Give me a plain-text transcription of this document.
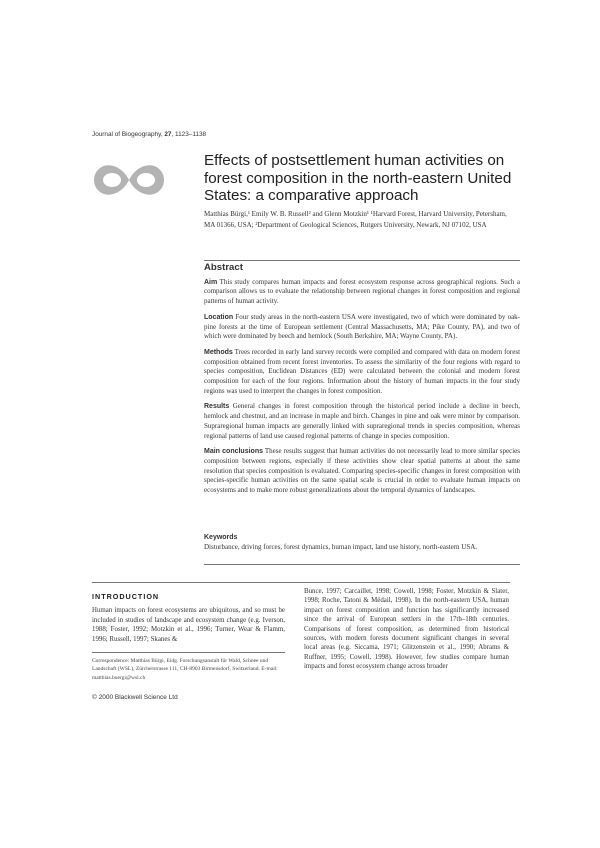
Journal of Biogeography, 27, 1123–1138
Effects of postsettlement human activities on forest composition in the north-eastern United States: a comparative approach
Matthias Bürgi,¹ Emily W. B. Russell² and Glenn Motzkin¹ ¹Harvard Forest, Harvard University, Petersham, MA 01366, USA; ²Department of Geological Sciences, Rutgers University, Newark, NJ 07102, USA
Abstract

Aim This study compares human impacts and forest ecosystem response across geographical regions. Such a comparison allows us to evaluate the relationship between regional changes in forest composition and regional patterns of human activity.

Location Four study areas in the north-eastern USA were investigated, two of which were dominated by oak-pine forests at the time of European settlement (Central Massachusetts, MA; Pike County, PA), and two of which were dominated by beech and hemlock (South Berkshire, MA; Wayne County, PA).

Methods Trees recorded in early land survey records were compiled and compared with data on modern forest composition obtained from recent forest inventories. To assess the similarity of the four regions with regard to species composition, Euclidean Distances (ED) were calculated between the colonial and modern forest composition for each of the four regions. Information about the history of human impacts in the four study regions was used to interpret the changes in forest composition.

Results General changes in forest composition through the historical period include a decline in beech, hemlock and chestnut, and an increase in maple and birch. Changes in pine and oak were minor by comparison. Supraregional human impacts are generally linked with supraregional trends in species composition, whereas regional patterns of land use caused regional patterns of change in species composition.

Main conclusions These results suggest that human activities do not necessarily lead to more similar species composition between regions, especially if these activities show clear spatial patterns at about the same resolution that species composition is evaluated. Comparing species-specific changes in forest composition with species-specific human activities on the same spatial scale is crucial in order to evaluate human impacts on ecosystems and to make more robust generalizations about the temporal dynamics of landscapes.

Keywords
Disturbance, driving forces, forest dynamics, human impact, land use history, north-eastern USA.
INTRODUCTION
Human impacts on forest ecosystems are ubiquitous, and so must be included in studies of landscape and ecosystem change (e.g. Iverson, 1988; Foster, 1992; Motzkin et al., 1996; Turner, Wear & Flamm, 1996; Russell, 1997; Skanes &
Correspondence: Matthias Bürgi, Eidg. Forschungsanstalt für Wald, Schnee und Landschaft (WSL), Zürcherstrasse 111, CH-8903 Birmensdorf, Switzerland. E-mail: matthias.buergi@wsl.ch
© 2000 Blackwell Science Ltd
Bunce, 1997; Carcaillet, 1998; Cowell, 1998; Foster, Motzkin & Slater, 1998; Roche, Tatoni & Médail, 1998). In the north-eastern USA, human impact on forest composition and function has significantly increased since the arrival of European settlers in the 17th–18th centuries. Comparisons of forest composition, as determined from historical sources, with modern forests document significant changes in several local areas (e.g. Siccama, 1971; Glitzenstein et al., 1990; Abrams & Ruffner, 1995; Cowell, 1998). However, few studies compare human impacts and forest ecosystem change across broader
